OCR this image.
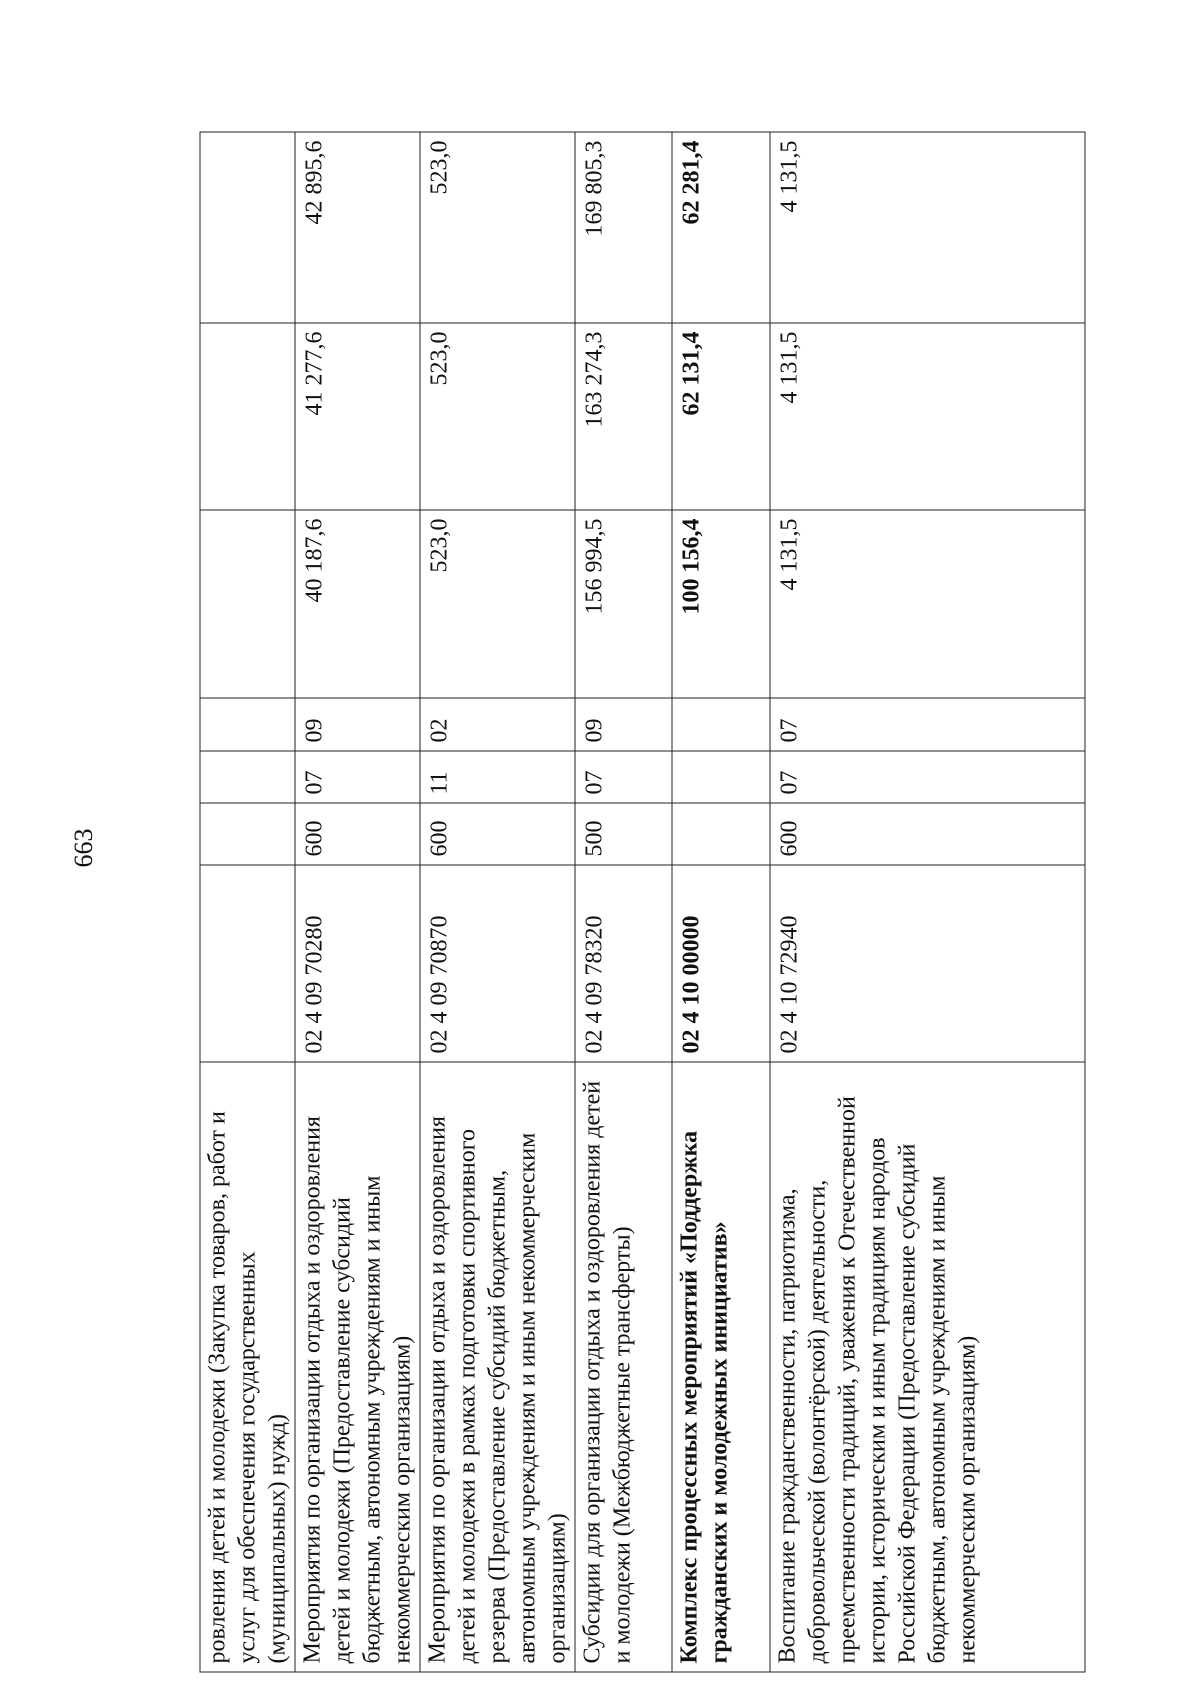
663
ровления детей и молодежи (Закупка товаров, работ и услуг для обеспечения государственных (муниципальных) нужд)							
Мероприятия по организации отдыха и оздоровления детей и молодежи (Предоставление субсидий бюджетным, автономным учреждениям и иным некоммерческим организациям)	02 4 09 70280	600	07	09	40 187,6	41 277,6	42 895,6
Мероприятия по организации отдыха и оздоровления детей и молодежи в рамках подготовки спортивного резерва (Предоставление субсидий бюджетным, автономным учреждениям и иным некоммерческим организациям)	02 4 09 70870	600	11	02	523,0	523,0	523,0
Субсидии для организации отдыха и оздоровления детей и молодежи (Межбюджетные трансферты)	02 4 09 78320	500	07	09	156 994,5	163 274,3	169 805,3
Комплекс процессных мероприятий «Поддержка гражданских и молодежных инициатив»	02 4 10 00000				100 156,4	62 131,4	62 281,4
Воспитание гражданственности, патриотизма, добровольческой (волонтёрской) деятельности, преемственности традиций, уважения к Отечественной истории, историческим и иным традициям народов Российской Федерации (Предоставление субсидий бюджетным, автономным учреждениям и иным некоммерческим организациям)	02 4 10 72940	600	07	07	4 131,5	4 131,5	4 131,5
